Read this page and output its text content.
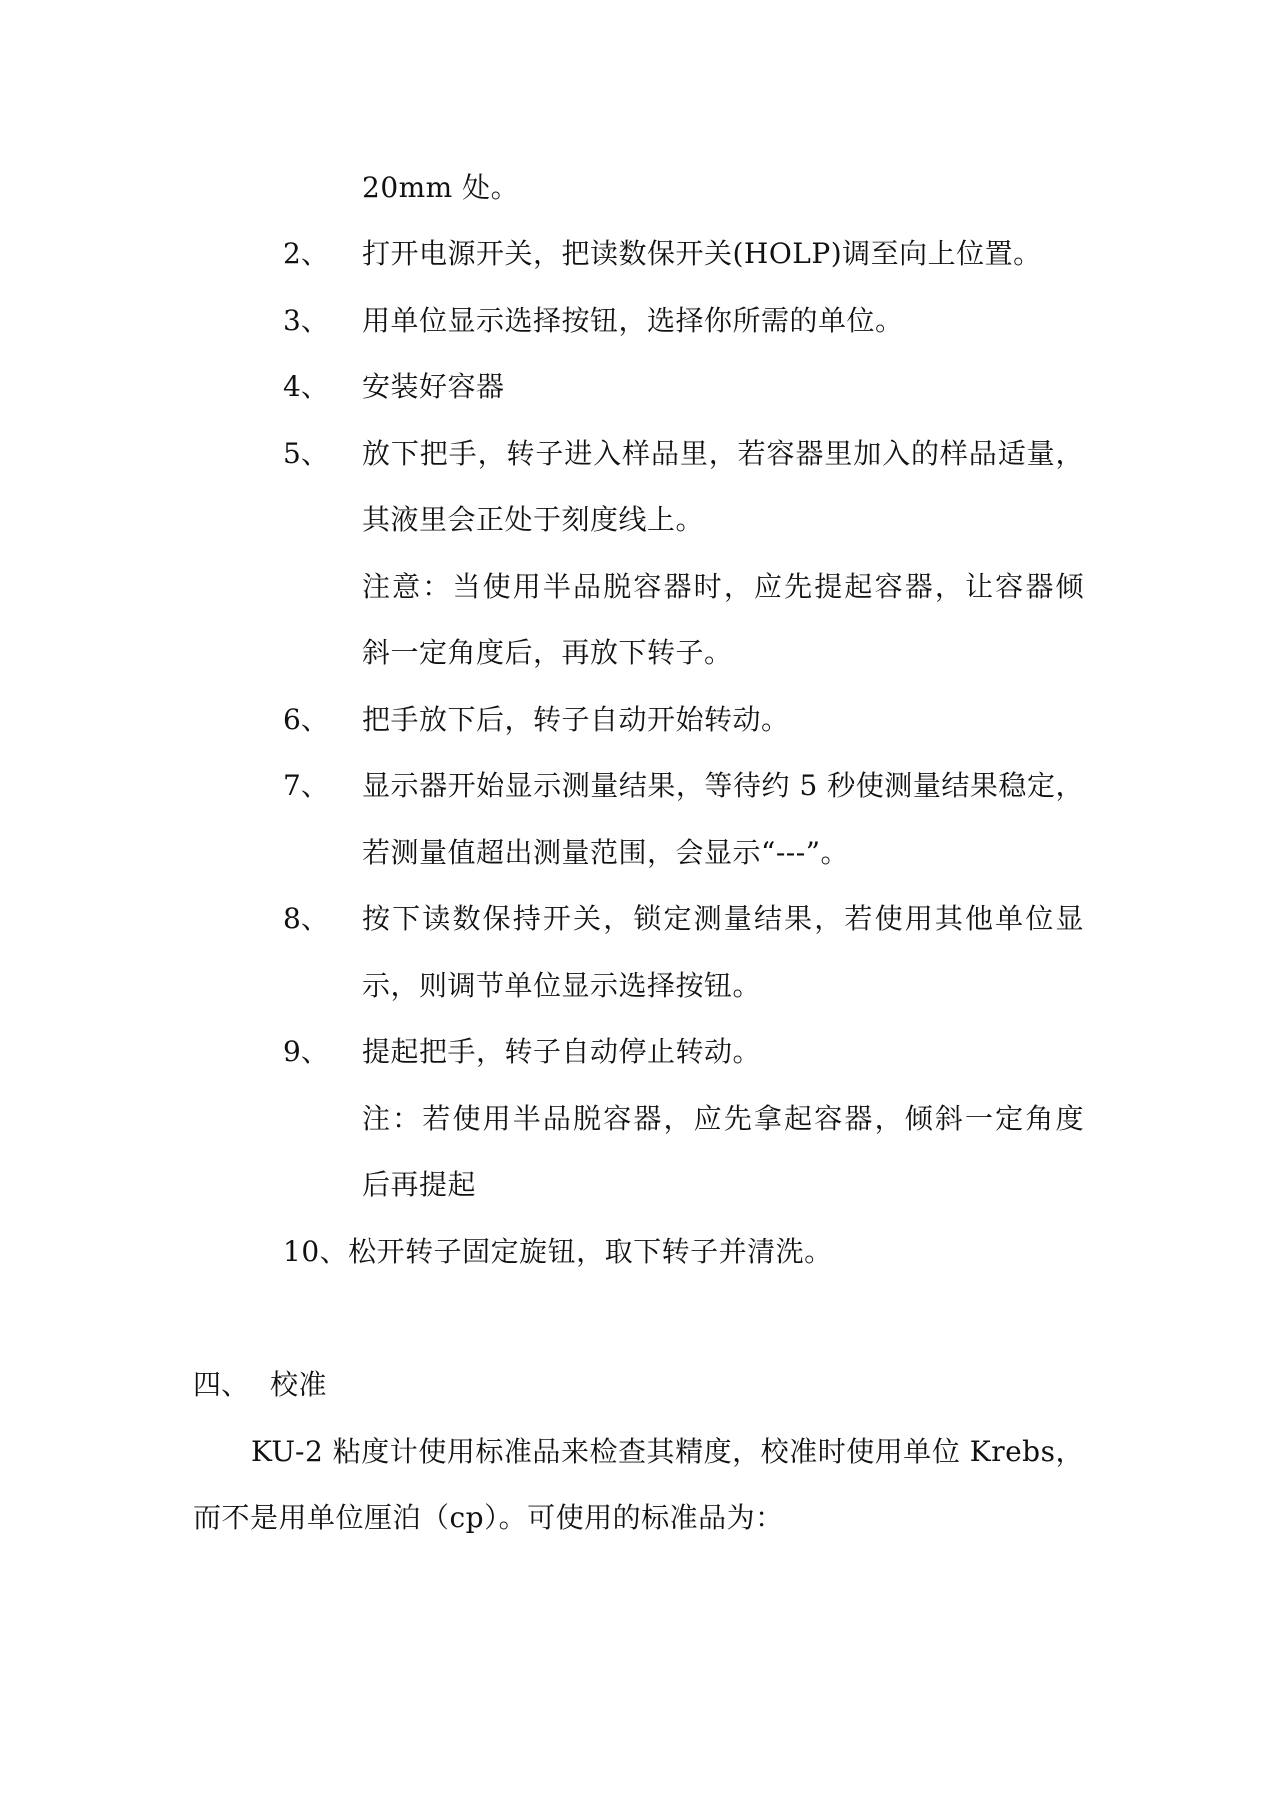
20mm 处。
2、 打开电源开关，把读数保开关(HOLP)调至向上位置。
3、 用单位显示选择按钮，选择你所需的单位。
4、 安装好容器
5、 放下把手，转子进入样品里，若容器里加入的样品适量，
其液里会正处于刻度线上。
注意：当使用半品脱容器时，应先提起容器，让容器倾
斜一定角度后，再放下转子。
6、 把手放下后，转子自动开始转动。
7、 显示器开始显示测量结果，等待约 5 秒使测量结果稳定，
若测量值超出测量范围，会显示“---”。
8、 按下读数保持开关，锁定测量结果，若使用其他单位显
示，则调节单位显示选择按钮。
9、 提起把手，转子自动停止转动。
注：若使用半品脱容器，应先拿起容器，倾斜一定角度
后再提起
10、松开转子固定旋钮，取下转子并清洗。
四、 校准
KU-2 粘度计使用标准品来检查其精度，校准时使用单位 Krebs，
而不是用单位厘泊（cp）。可使用的标准品为：
